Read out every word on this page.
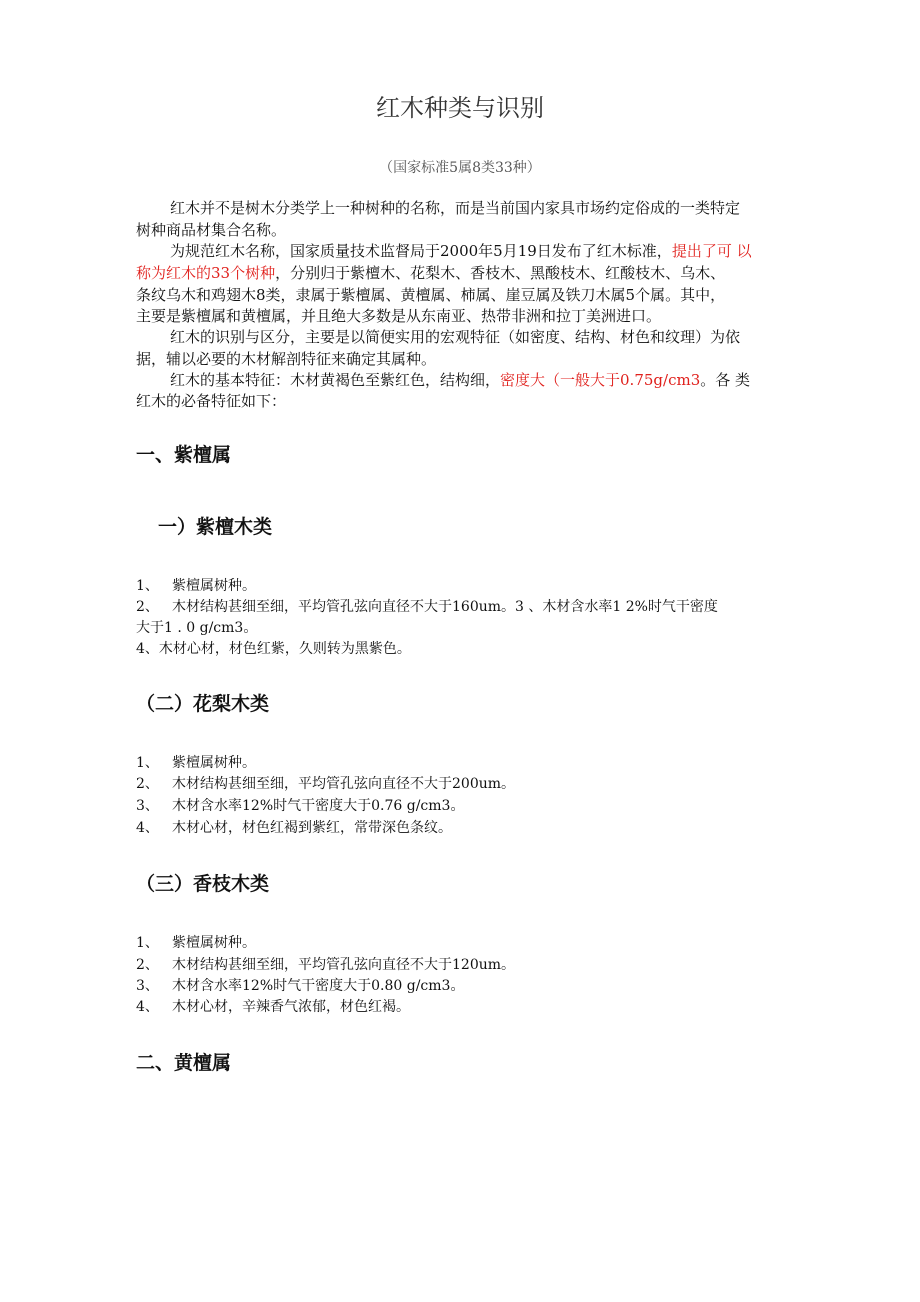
红木种类与识别
（国家标准5属8类33种）
红木并不是树木分类学上一种树种的名称，而是当前国内家具市场约定俗成的一类特定
树种商品材集合名称。
为规范红木名称，国家质量技术监督局于2000年5月19日发布了红木标准，提出了可 以
称为红木的33个树种，分别归于紫檀木、花梨木、香枝木、黑酸枝木、红酸枝木、乌木、
条纹乌木和鸡翅木8类，隶属于紫檀属、黄檀属、柿属、崖豆属及铁刀木属5个属。其中，
主要是紫檀属和黄檀属，并且绝大多数是从东南亚、热带非洲和拉丁美洲进口。
红木的识别与区分，主要是以简便实用的宏观特征（如密度、结构、材色和纹理）为依
据，辅以必要的木材解剖特征来确定其属种。
红木的基本特征：木材黄褐色至紫红色，结构细，密度大（一般大于0.75g/cm3。各 类
红木的必备特征如下：
一、紫檀属
一）紫檀木类
1、 紫檀属树种。
2、 木材结构甚细至细，平均管孔弦向直径不大于160um。3 、木材含水率1 2%时气干密度
大于1 . 0 g/cm3。
4、木材心材，材色红紫，久则转为黑紫色。
（二）花梨木类
1、 紫檀属树种。
2、 木材结构甚细至细，平均管孔弦向直径不大于200um。
3、 木材含水率12%时气干密度大于0.76 g/cm3。
4、 木材心材，材色红褐到紫红，常带深色条纹。
（三）香枝木类
1、 紫檀属树种。
2、 木材结构甚细至细，平均管孔弦向直径不大于120um。
3、 木材含水率12%时气干密度大于0.80 g/cm3。
4、 木材心材，辛辣香气浓郁，材色红褐。
二、黄檀属
